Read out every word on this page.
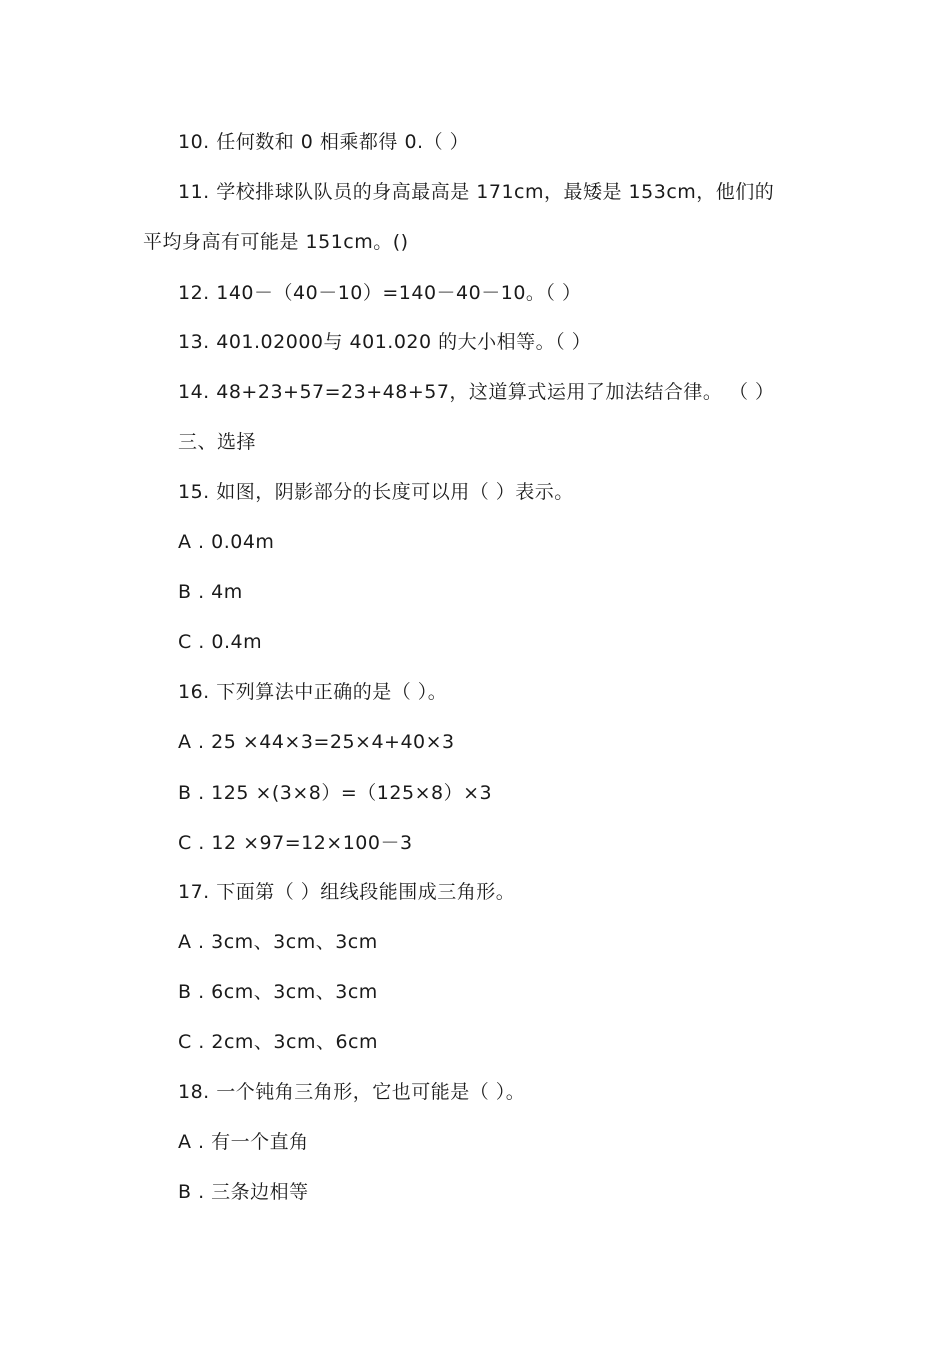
10. 任何数和 0 相乘都得 0.（ ）
11. 学校排球队队员的身高最高是 171cm，最矮是 153cm，他们的
平均身高有可能是 151cm。()
12. 140－（40－10）=140－40－10。（ ）
13. 401.02000与 401.020 的大小相等。（ ）
14. 48+23+57=23+48+57，这道算式运用了加法结合律。 （ ）
三、选择
15. 如图，阴影部分的长度可以用（ ）表示。
A . 0.04m
B . 4m
C . 0.4m
16. 下列算法中正确的是（ ）。
A . 25 ×44×3=25×4+40×3
B . 125 ×(3×8）=（125×8）×3
C . 12 ×97=12×100－3
17. 下面第（ ）组线段能围成三角形。
A . 3cm、3cm、3cm
B . 6cm、3cm、3cm
C . 2cm、3cm、6cm
18. 一个钝角三角形，它也可能是（ ）。
A . 有一个直角
B . 三条边相等
